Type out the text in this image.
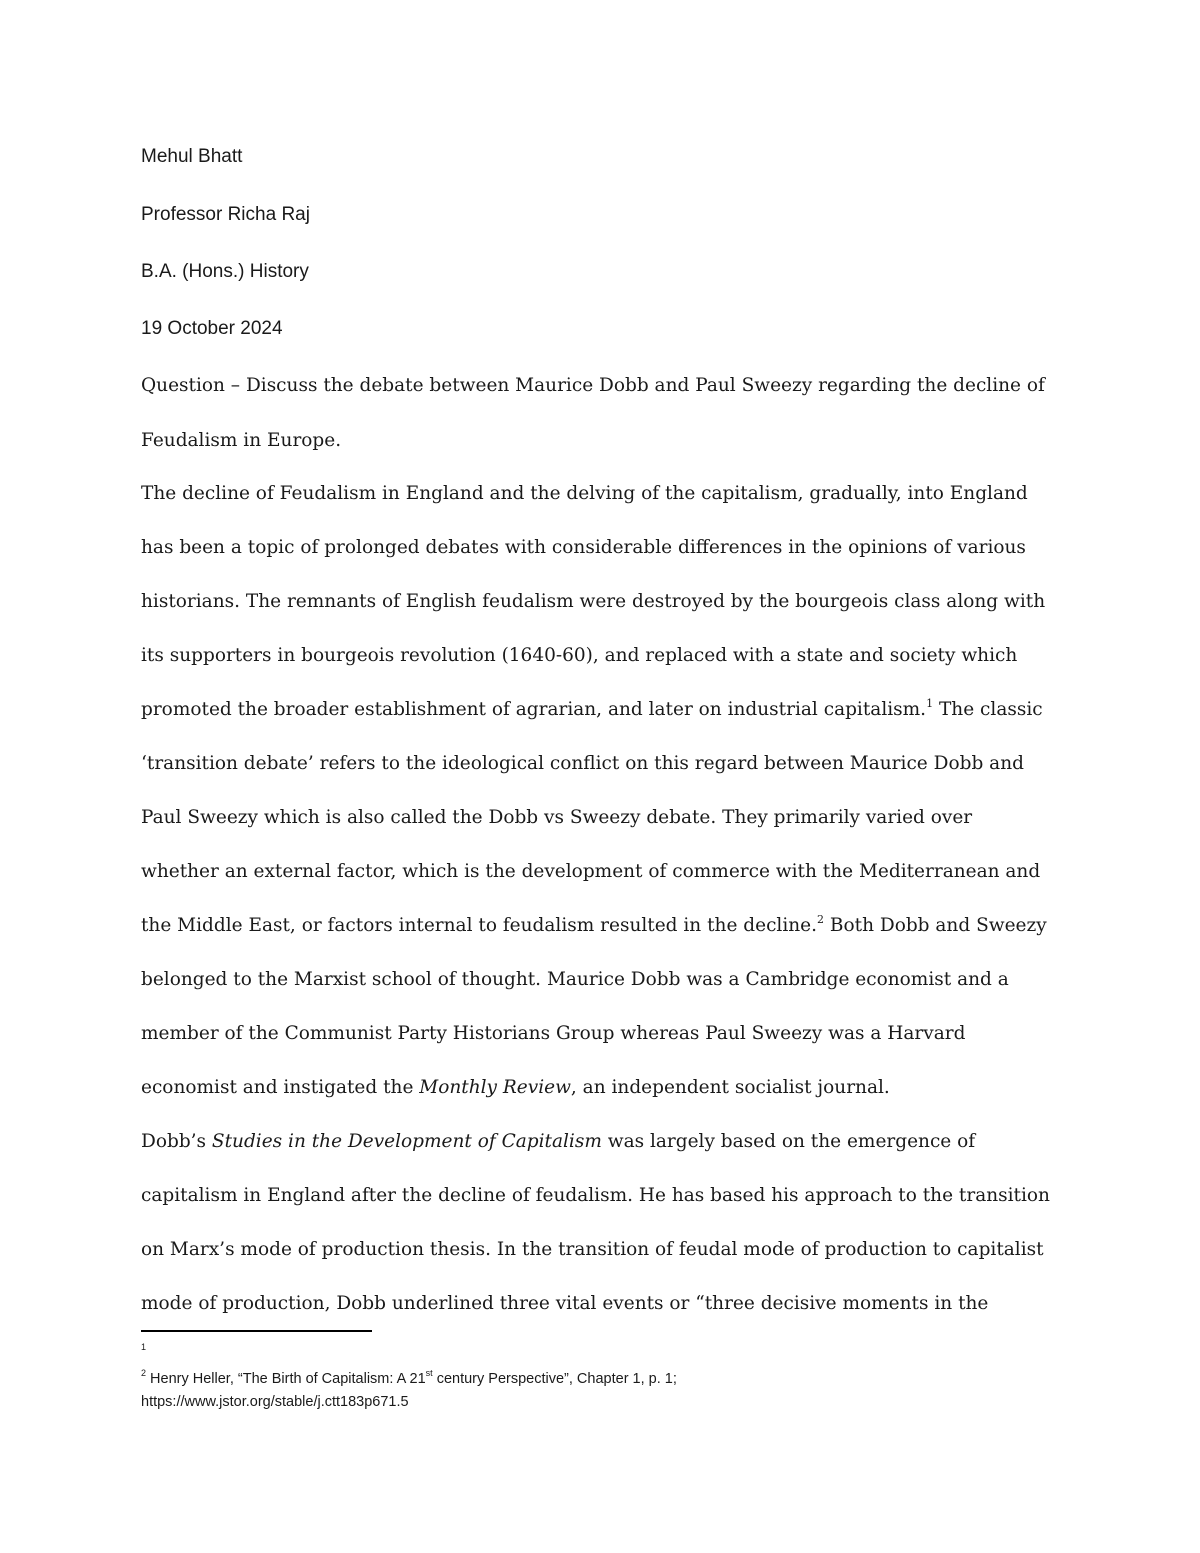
Mehul Bhatt
Professor Richa Raj
B.A. (Hons.) History
19 October 2024
Question – Discuss the debate between Maurice Dobb and Paul Sweezy regarding the decline of
Feudalism in Europe.
The decline of Feudalism in England and the delving of the capitalism, gradually, into England
has been a topic of prolonged debates with considerable differences in the opinions of various
historians. The remnants of English feudalism were destroyed by the bourgeois class along with
its supporters in bourgeois revolution (1640-60), and replaced with a state and society which
promoted the broader establishment of agrarian, and later on industrial capitalism.$^1$ The classic
‘transition debate’ refers to the ideological conflict on this regard between Maurice Dobb and
Paul Sweezy which is also called the Dobb vs Sweezy debate. They primarily varied over
whether an external factor, which is the development of commerce with the Mediterranean and
the Middle East, or factors internal to feudalism resulted in the decline.$^2$ Both Dobb and Sweezy
belonged to the Marxist school of thought. Maurice Dobb was a Cambridge economist and a
member of the Communist Party Historians Group whereas Paul Sweezy was a Harvard
economist and instigated the Monthly Review, an independent socialist journal.
Dobb’s Studies in the Development of Capitalism was largely based on the emergence of
capitalism in England after the decline of feudalism. He has based his approach to the transition
on Marx’s mode of production thesis. In the transition of feudal mode of production to capitalist
mode of production, Dobb underlined three vital events or “three decisive moments in the
$^1$
$^2$ Henry Heller, “The Birth of Capitalism: A 21st century Perspective”, Chapter 1, p. 1;
https://www.jstor.org/stable/j.ctt183p671.5
